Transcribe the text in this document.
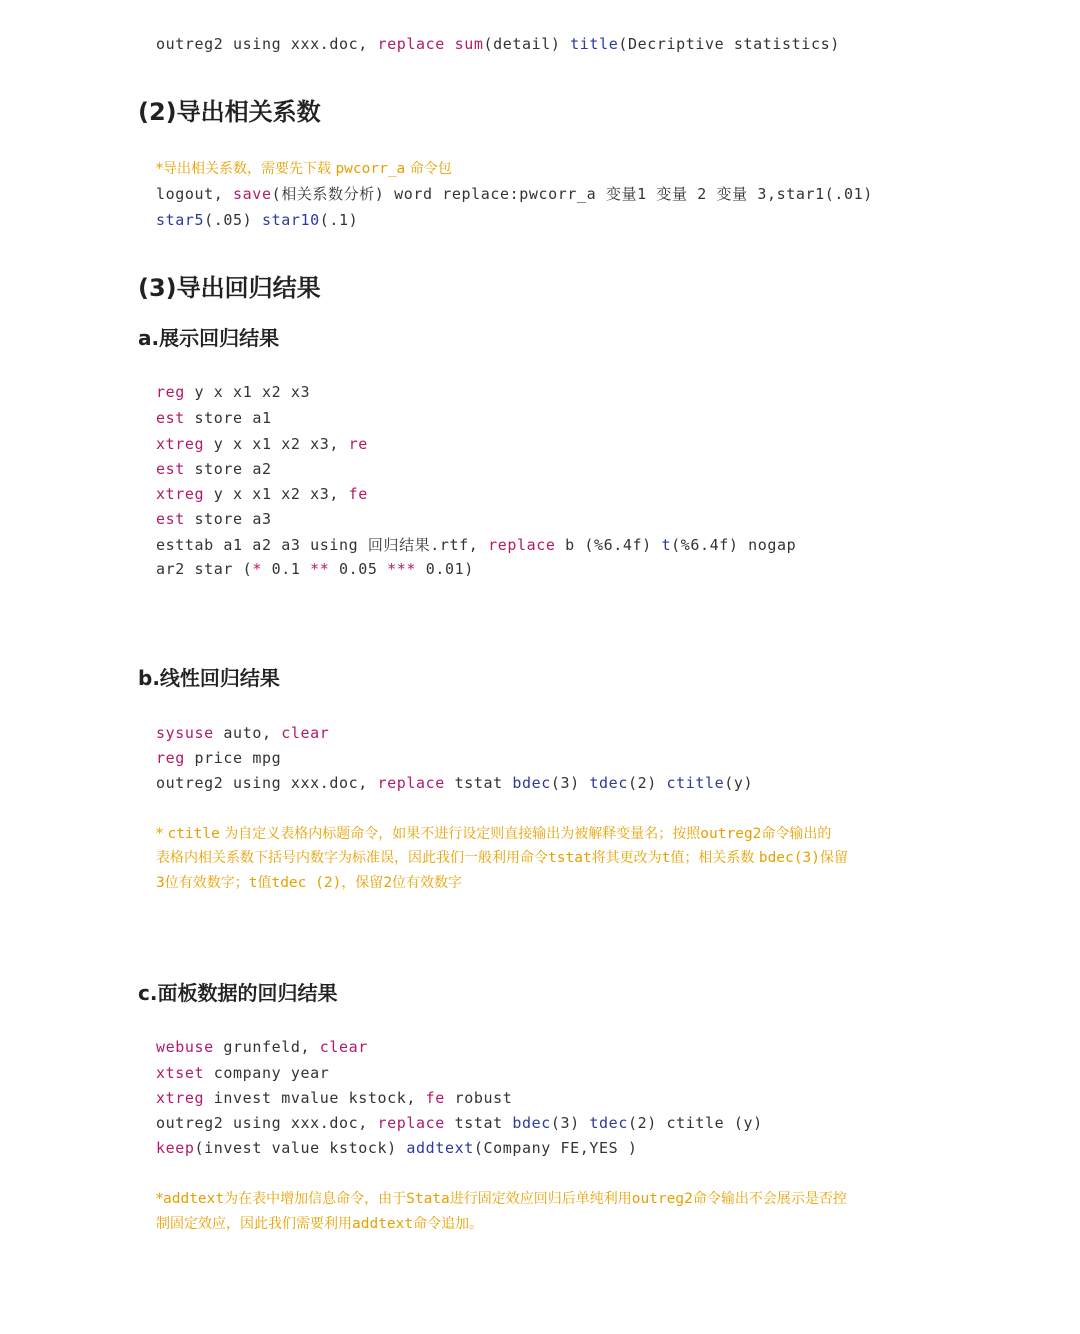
outreg2 using xxx.doc, replace sum(detail) title(Decriptive statistics)
(2)导出相关系数
*导出相关系数，需要先下载 pwcorr_a 命令包
logout, save(相关系数分析) word replace:pwcorr_a 变量1 变量 2 变量 3,star1(.01)
star5(.05) star10(.1)
(3)导出回归结果
a.展示回归结果
reg y x x1 x2 x3
est store a1
xtreg y x x1 x2 x3, re
est store a2
xtreg y x x1 x2 x3, fe
est store a3
esttab a1 a2 a3 using 回归结果.rtf, replace b (%6.4f) t(%6.4f) nogap
ar2 star (* 0.1 ** 0.05 *** 0.01)
b.线性回归结果
sysuse auto, clear
reg price mpg
outreg2 using xxx.doc, replace tstat bdec(3) tdec(2) ctitle(y)
* ctitle 为自定义表格内标题命令，如果不进行设定则直接输出为被解释变量名；按照outreg2命令输出的
表格内相关系数下括号内数字为标准误，因此我们一般利用命令tstat将其更改为t值；相关系数 bdec(3)保留
3位有效数字；t值tdec (2)，保留2位有效数字
c.面板数据的回归结果
webuse grunfeld, clear
xtset company year
xtreg invest mvalue kstock, fe robust
outreg2 using xxx.doc, replace tstat bdec(3) tdec(2) ctitle (y)
keep(invest value kstock) addtext(Company FE,YES )
*addtext为在表中增加信息命令，由于Stata进行固定效应回归后单纯利用outreg2命令输出不会展示是否控
制固定效应，因此我们需要利用addtext命令追加。
